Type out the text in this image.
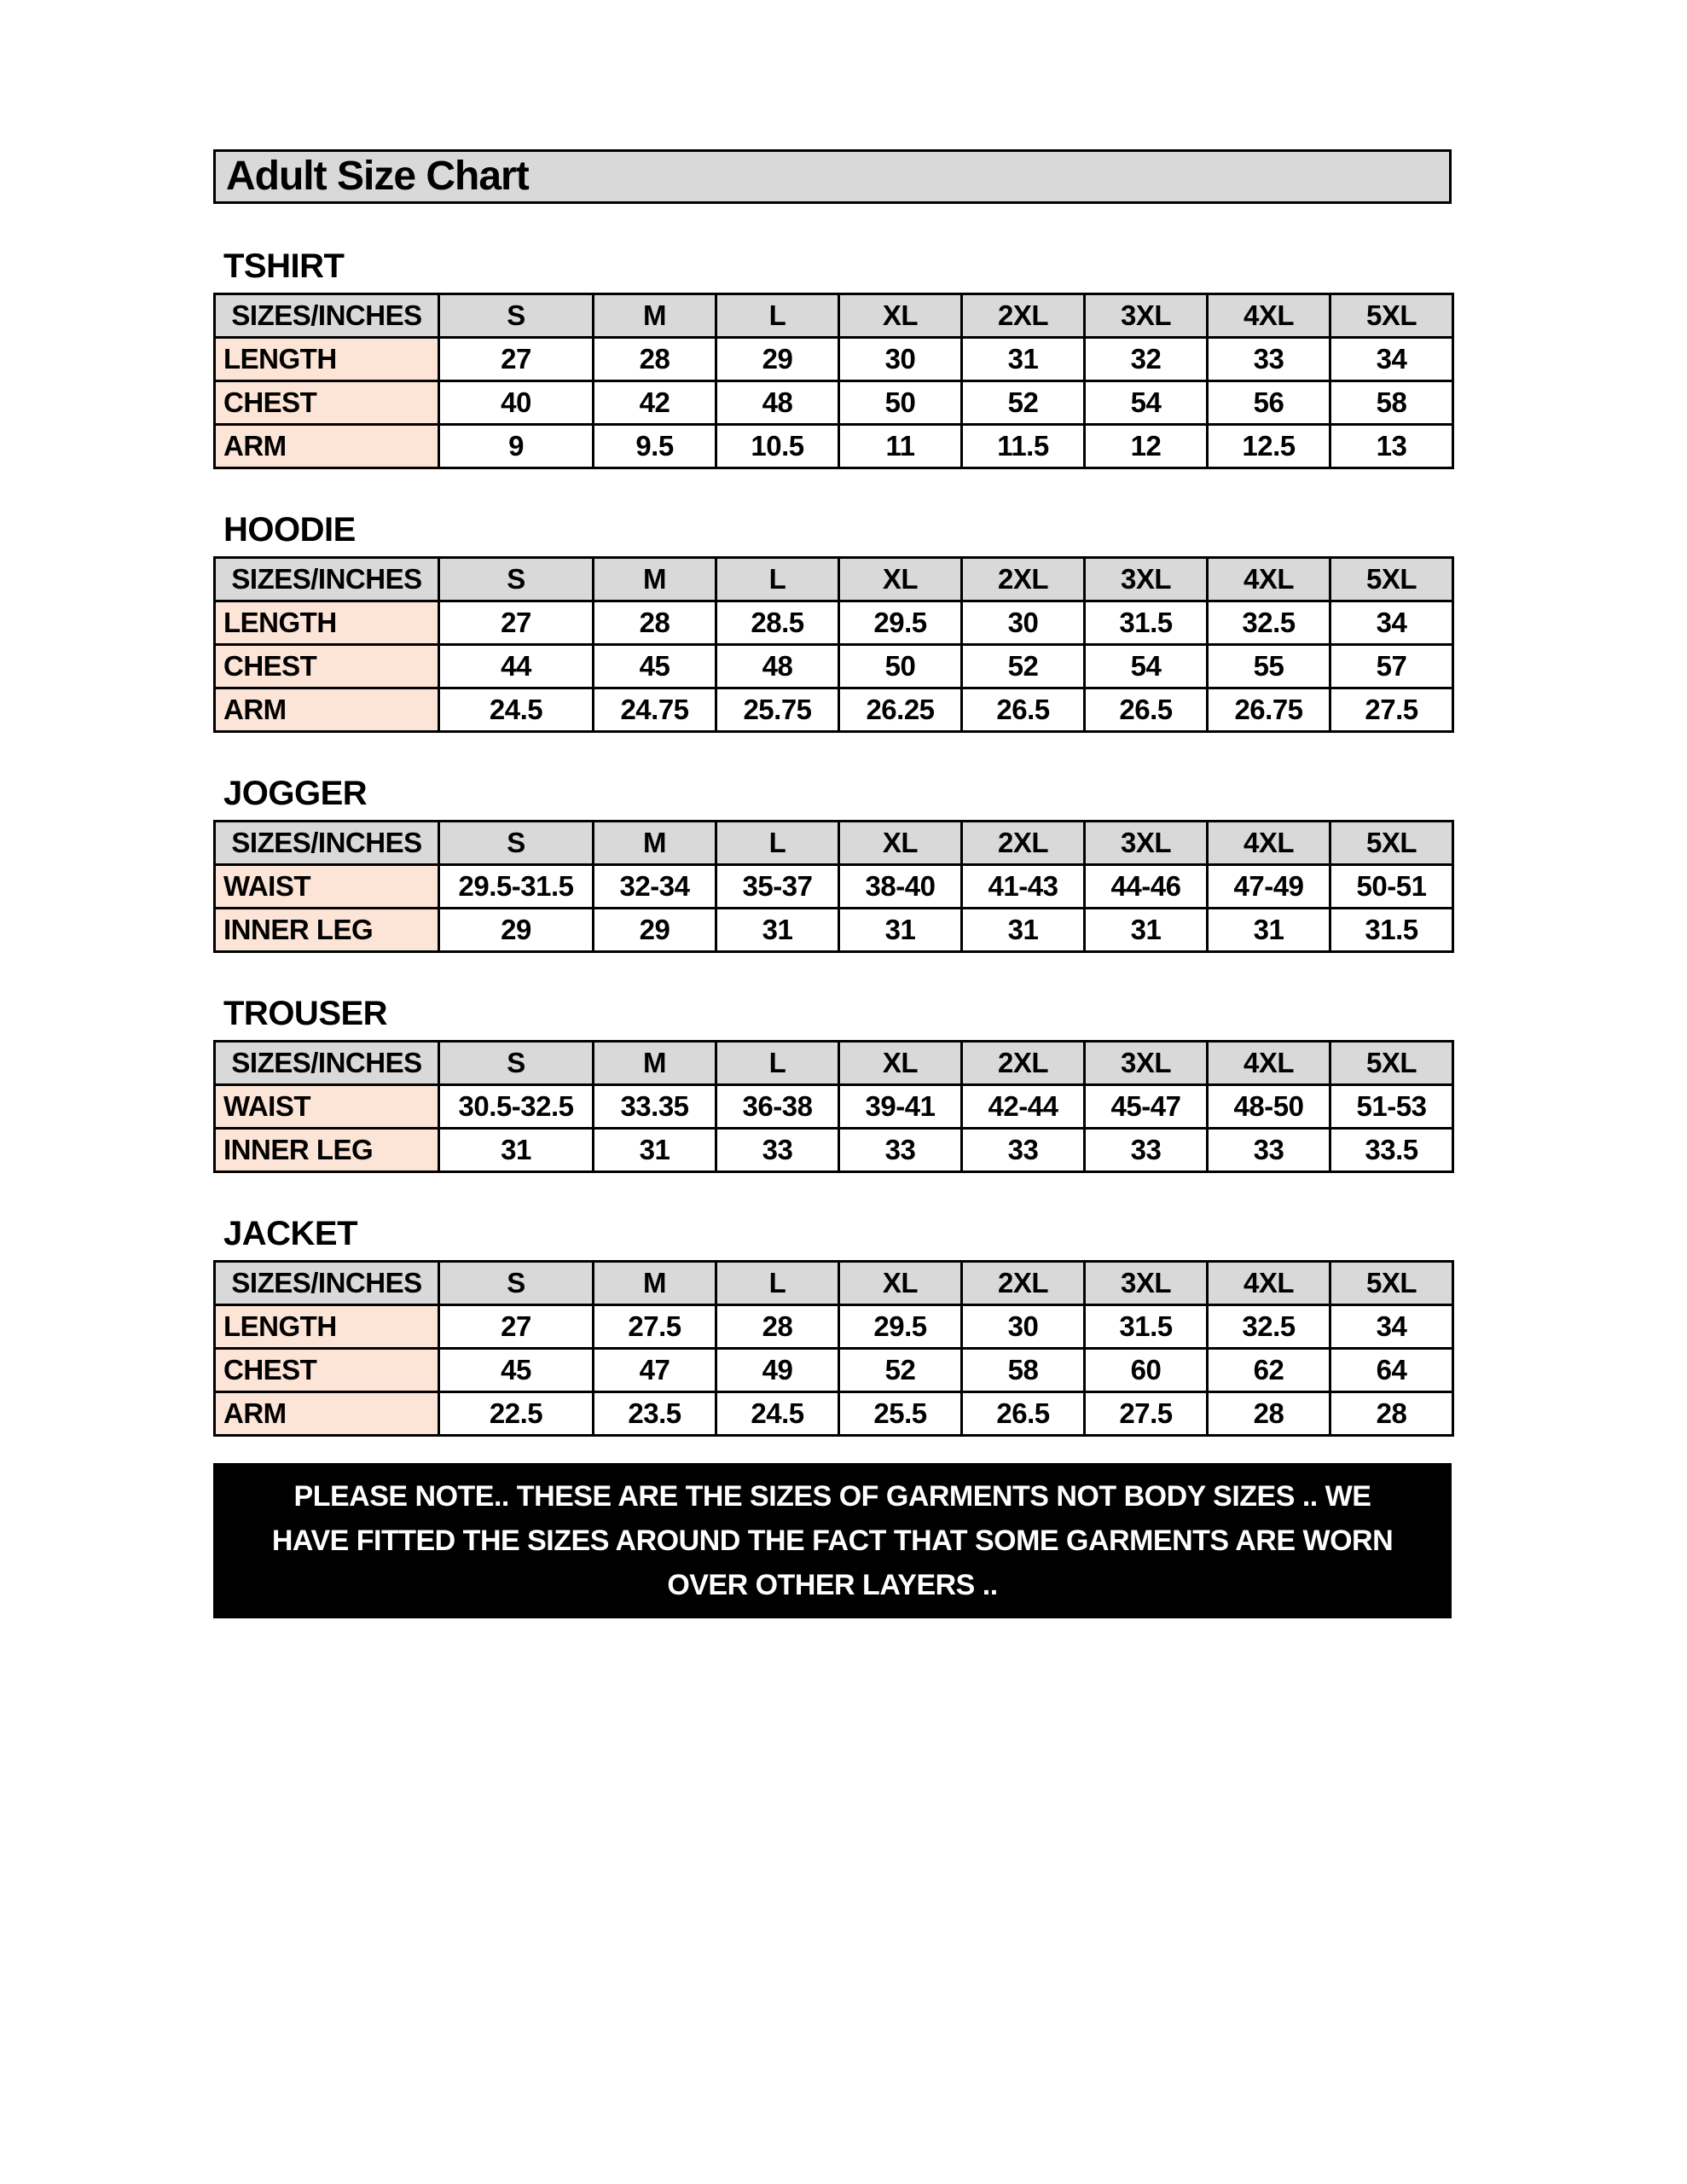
Adult Size Chart
TSHIRT
SIZES/INCHES	S	M	L	XL	2XL	3XL	4XL	5XL
LENGTH	27	28	29	30	31	32	33	34
CHEST	40	42	48	50	52	54	56	58
ARM	9	9.5	10.5	11	11.5	12	12.5	13
HOODIE
SIZES/INCHES	S	M	L	XL	2XL	3XL	4XL	5XL
LENGTH	27	28	28.5	29.5	30	31.5	32.5	34
CHEST	44	45	48	50	52	54	55	57
ARM	24.5	24.75	25.75	26.25	26.5	26.5	26.75	27.5
JOGGER
SIZES/INCHES	S	M	L	XL	2XL	3XL	4XL	5XL
WAIST	29.5-31.5	32-34	35-37	38-40	41-43	44-46	47-49	50-51
INNER LEG	29	29	31	31	31	31	31	31.5
TROUSER
SIZES/INCHES	S	M	L	XL	2XL	3XL	4XL	5XL
WAIST	30.5-32.5	33.35	36-38	39-41	42-44	45-47	48-50	51-53
INNER LEG	31	31	33	33	33	33	33	33.5
JACKET
SIZES/INCHES	S	M	L	XL	2XL	3XL	4XL	5XL
LENGTH	27	27.5	28	29.5	30	31.5	32.5	34
CHEST	45	47	49	52	58	60	62	64
ARM	22.5	23.5	24.5	25.5	26.5	27.5	28	28
PLEASE NOTE.. THESE ARE THE SIZES OF GARMENTS NOT BODY SIZES .. WE HAVE FITTED THE SIZES AROUND THE FACT THAT SOME GARMENTS ARE WORN OVER OTHER LAYERS ..
